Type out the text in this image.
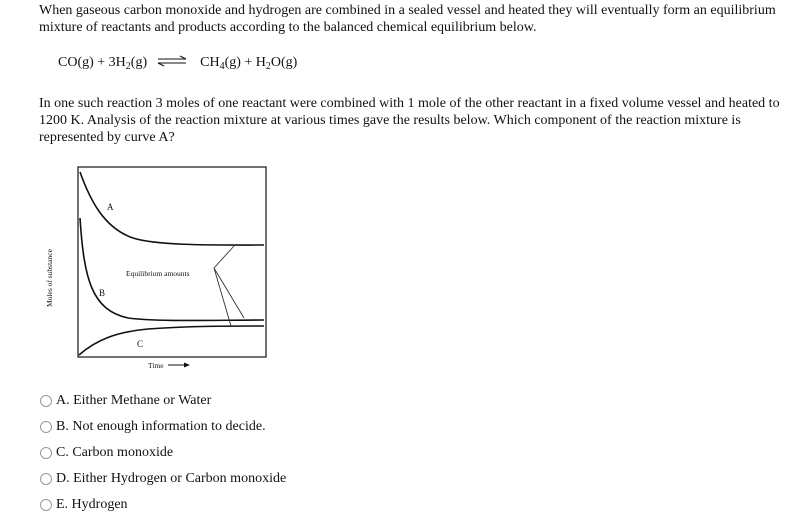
When gaseous carbon monoxide and hydrogen are combined in a sealed vessel and heated they will eventually form an equilibrium mixture of reactants and products according to the balanced chemical equilibrium below.
$CO(g) + 3H_2(g)$ ⇌ $CH_4(g) + H_2O(g)$
In one such reaction 3 moles of one reactant were combined with 1 mole of the other reactant in a fixed volume vessel and heated to 1200 K. Analysis of the reaction mixture at various times gave the results below. Which component of the reaction mixture is represented by curve A?
A
B
C
Equilibrium amounts
Moles of substance
Time
A. Either Methane or Water
B. Not enough information to decide.
C. Carbon monoxide
D. Either Hydrogen or Carbon monoxide
E. Hydrogen
